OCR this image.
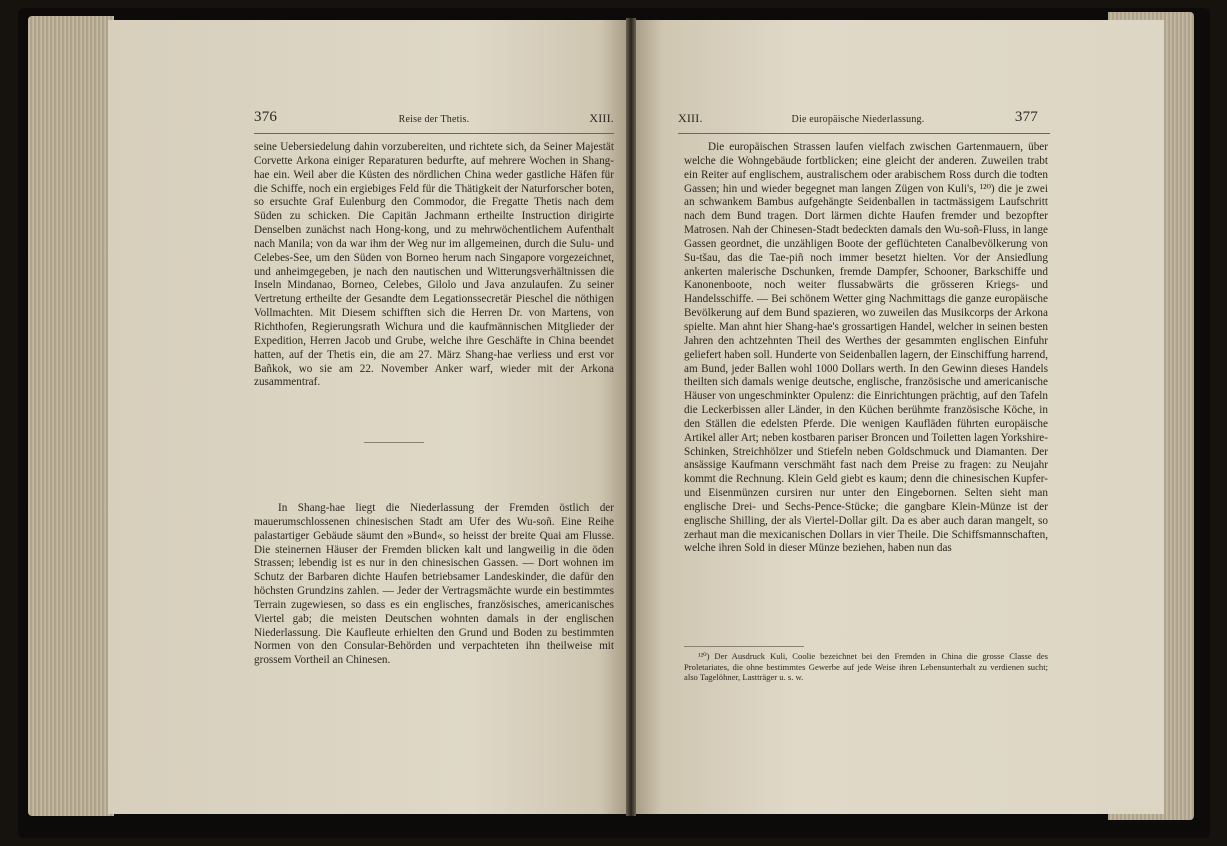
376	Reise der Thetis.	XIII.

seine Uebersiedelung dahin vorzubereiten, und richtete sich, da Seiner Majestät Corvette Arkona einiger Reparaturen bedurfte, auf mehrere Wochen in Shang-hae ein. Weil aber die Küsten des nördlichen China weder gastliche Häfen für die Schiffe, noch ein ergiebiges Feld für die Thätigkeit der Naturforscher boten, so ersuchte Graf Eulenburg den Commodor, die Fregatte Thetis nach dem Süden zu schicken. Die Capitän Jachmann ertheilte Instruction dirigirte Denselben zunächst nach Hong-kong, und zu mehrwöchentlichem Aufenthalt nach Manila; von da war ihm der Weg nur im allgemeinen, durch die Sulu- und Celebes-See, um den Süden von Borneo herum nach Singapore vorgezeichnet, und anheimgegeben, je nach den nautischen und Witterungsverhältnissen die Inseln Mindanao, Borneo, Celebes, Gilolo und Java anzulaufen. Zu seiner Vertretung ertheilte der Gesandte dem Legationssecretär Pieschel die nöthigen Vollmachten. Mit Diesem schifften sich die Herren Dr. von Martens, von Richthofen, Regierungsrath Wichura und die kaufmännischen Mitglieder der Expedition, Herren Jacob und Grube, welche ihre Geschäfte in China beendet hatten, auf der Thetis ein, die am 27. März Shang-hae verliess und erst vor Bañkok, wo sie am 22. November Anker warf, wieder mit der Arkona zusammentraf.

In Shang-hae liegt die Niederlassung der Fremden östlich der mauerumschlossenen chinesischen Stadt am Ufer des Wu-soñ. Eine Reihe palastartiger Gebäude säumt den »Bund«, so heisst der breite Quai am Flusse. Die steinernen Häuser der Fremden blicken kalt und langweilig in die öden Strassen; lebendig ist es nur in den chinesischen Gassen. — Dort wohnen im Schutz der Barbaren dichte Haufen betriebsamer Landeskinder, die dafür den höchsten Grundzins zahlen. — Jeder der Vertragsmächte wurde ein bestimmtes Terrain zugewiesen, so dass es ein englisches, französisches, americanisches Viertel gab; die meisten Deutschen wohnten damals in der englischen Niederlassung. Die Kaufleute erhielten den Grund und Boden zu bestimmten Normen von den Consular-Behörden und verpachteten ihn theilweise mit grossem Vortheil an Chinesen.

XIII.	Die europäische Niederlassung.	377

Die europäischen Strassen laufen vielfach zwischen Gartenmauern, über welche die Wohngebäude fortblicken; eine gleicht der anderen. Zuweilen trabt ein Reiter auf englischem, australischem oder arabischem Ross durch die todten Gassen; hin und wieder begegnet man langen Zügen von Kuli's, ¹²⁰) die je zwei an schwankem Bambus aufgehängte Seidenballen in tactmässigem Laufschritt nach dem Bund tragen. Dort lärmen dichte Haufen fremder und bezopfter Matrosen. Nah der Chinesen-Stadt bedeckten damals den Wu-soñ-Fluss, in lange Gassen geordnet, die unzähligen Boote der geflüchteten Canalbevölkerung von Su-tšau, das die Tae-piñ noch immer besetzt hielten. Vor der Ansiedlung ankerten malerische Dschunken, fremde Dampfer, Schooner, Barkschiffe und Kanonenboote, noch weiter flussabwärts die grösseren Kriegs- und Handelsschiffe. — Bei schönem Wetter ging Nachmittags die ganze europäische Bevölkerung auf dem Bund spazieren, wo zuweilen das Musikcorps der Arkona spielte. Man ahnt hier Shang-hae's grossartigen Handel, welcher in seinen besten Jahren den achtzehnten Theil des Werthes der gesammten englischen Einfuhr geliefert haben soll. Hunderte von Seidenballen lagern, der Einschiffung harrend, am Bund, jeder Ballen wohl 1000 Dollars werth. In den Gewinn dieses Handels theilten sich damals wenige deutsche, englische, französische und americanische Häuser von ungeschminkter Opulenz: die Einrichtungen prächtig, auf den Tafeln die Leckerbissen aller Länder, in den Küchen berühmte französische Köche, in den Ställen die edelsten Pferde. Die wenigen Kaufläden führten europäische Artikel aller Art; neben kostbaren pariser Broncen und Toiletten lagen Yorkshire-Schinken, Streichhölzer und Stiefeln neben Goldschmuck und Diamanten. Der ansässige Kaufmann verschmäht fast nach dem Preise zu fragen: zu Neujahr kommt die Rechnung. Klein Geld giebt es kaum; denn die chinesischen Kupfer- und Eisenmünzen cursiren nur unter den Eingebornen. Selten sieht man englische Drei- und Sechs-Pence-Stücke; die gangbare Klein-Münze ist der englische Shilling, der als Viertel-Dollar gilt. Da es aber auch daran mangelt, so zerhaut man die mexicanischen Dollars in vier Theile. Die Schiffsmannschaften, welche ihren Sold in dieser Münze beziehen, haben nun das

¹²⁰) Der Ausdruck Kuli, Coolie bezeichnet bei den Fremden in China die grosse Classe des Proletariates, die ohne bestimmtes Gewerbe auf jede Weise ihren Lebensunterhalt zu verdienen sucht; also Tagelöhner, Lastträger u. s. w.
